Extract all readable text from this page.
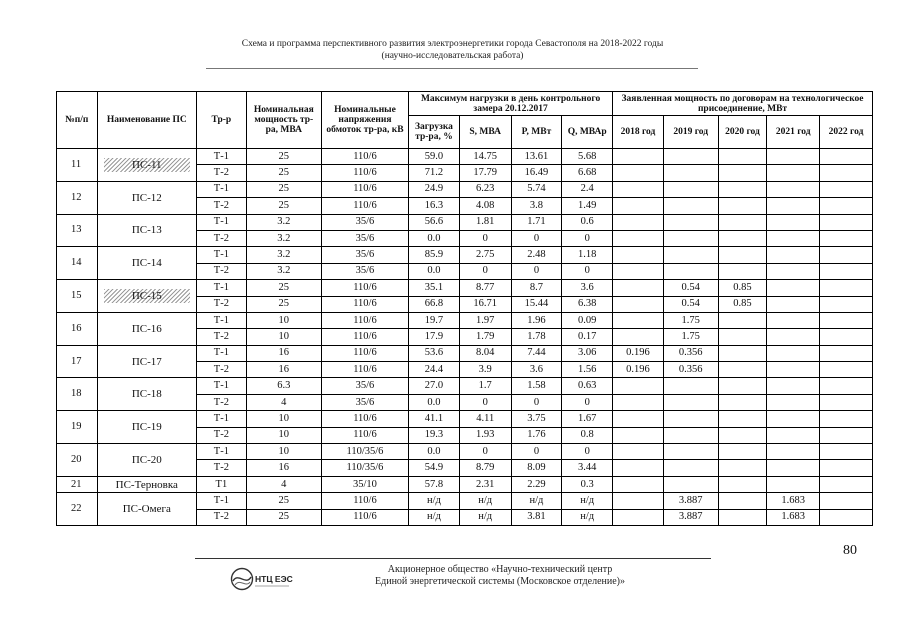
Схема и программа перспективного развития электроэнергетики города Севастополя на 2018-2022 годы
(научно-исследовательская работа)
№п/п	Наименование ПС	Тр-р	Номинальная мощность тр-ра, МВА	Номинальные напряжения обмоток тр-ра, кВ	Максимум нагрузки в день контрольного замера 20.12.2017				Заявленная мощность по договорам на технологическое присоединение, МВт				
					Загрузка тр-ра, %	S, МВА	P, МВт	Q, МВАр	2018 год	2019 год	2020 год	2021 год	2022 год
11	ПС-11	Т-1	25	110/6	59.0	14.75	13.61	5.68					
		Т-2	25	110/6	71.2	17.79	16.49	6.68					
12	ПС-12	Т-1	25	110/6	24.9	6.23	5.74	2.4					
		Т-2	25	110/6	16.3	4.08	3.8	1.49					
13	ПС-13	Т-1	3.2	35/6	56.6	1.81	1.71	0.6					
		Т-2	3.2	35/6	0.0	0	0	0					
14	ПС-14	Т-1	3.2	35/6	85.9	2.75	2.48	1.18					
		Т-2	3.2	35/6	0.0	0	0	0					
15	ПС-15	Т-1	25	110/6	35.1	8.77	8.7	3.6		0.54	0.85		
		Т-2	25	110/6	66.8	16.71	15.44	6.38		0.54	0.85		
16	ПС-16	Т-1	10	110/6	19.7	1.97	1.96	0.09		1.75			
		Т-2	10	110/6	17.9	1.79	1.78	0.17		1.75			
17	ПС-17	Т-1	16	110/6	53.6	8.04	7.44	3.06	0.196	0.356			
		Т-2	16	110/6	24.4	3.9	3.6	1.56	0.196	0.356			
18	ПС-18	Т-1	6.3	35/6	27.0	1.7	1.58	0.63					
		Т-2	4	35/6	0.0	0	0	0					
19	ПС-19	Т-1	10	110/6	41.1	4.11	3.75	1.67					
		Т-2	10	110/6	19.3	1.93	1.76	0.8					
20	ПС-20	Т-1	10	110/35/6	0.0	0	0	0					
		Т-2	16	110/35/6	54.9	8.79	8.09	3.44					
21	ПС-Терновка	Т1	4	35/10	57.8	2.31	2.29	0.3					
22	ПС-Омега	Т-1	25	110/6	н/д	н/д	н/д	н/д		3.887		1.683	
		Т-2	25	110/6	н/д	н/д	3.81	н/д		3.887		1.683	
80
НТЦ ЕЭС
Акционерное общество «Научно-технический центр
Единой энергетической системы (Московское отделение)»
